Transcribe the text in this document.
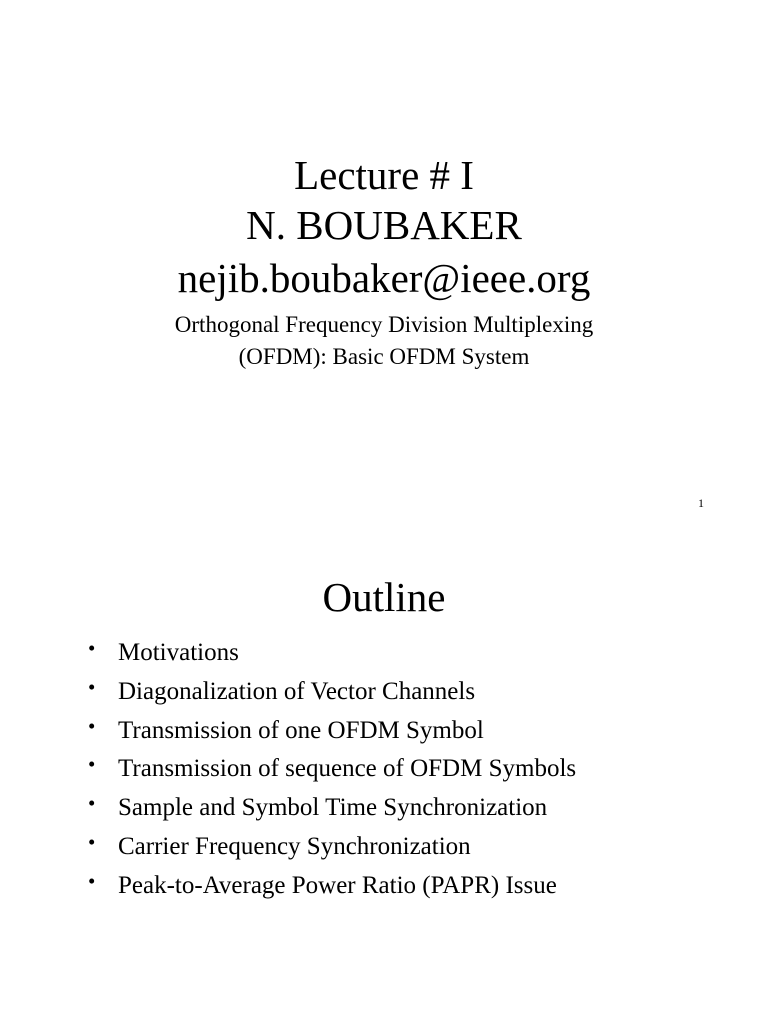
Lecture # I
N. BOUBAKER
nejib.boubaker@ieee.org
Orthogonal Frequency Division Multiplexing
(OFDM): Basic OFDM System
1
Outline
• Motivations
• Diagonalization of Vector Channels
• Transmission of one OFDM Symbol
• Transmission of sequence of OFDM Symbols
• Sample and Symbol Time Synchronization
• Carrier Frequency Synchronization
• Peak-to-Average Power Ratio (PAPR) Issue
